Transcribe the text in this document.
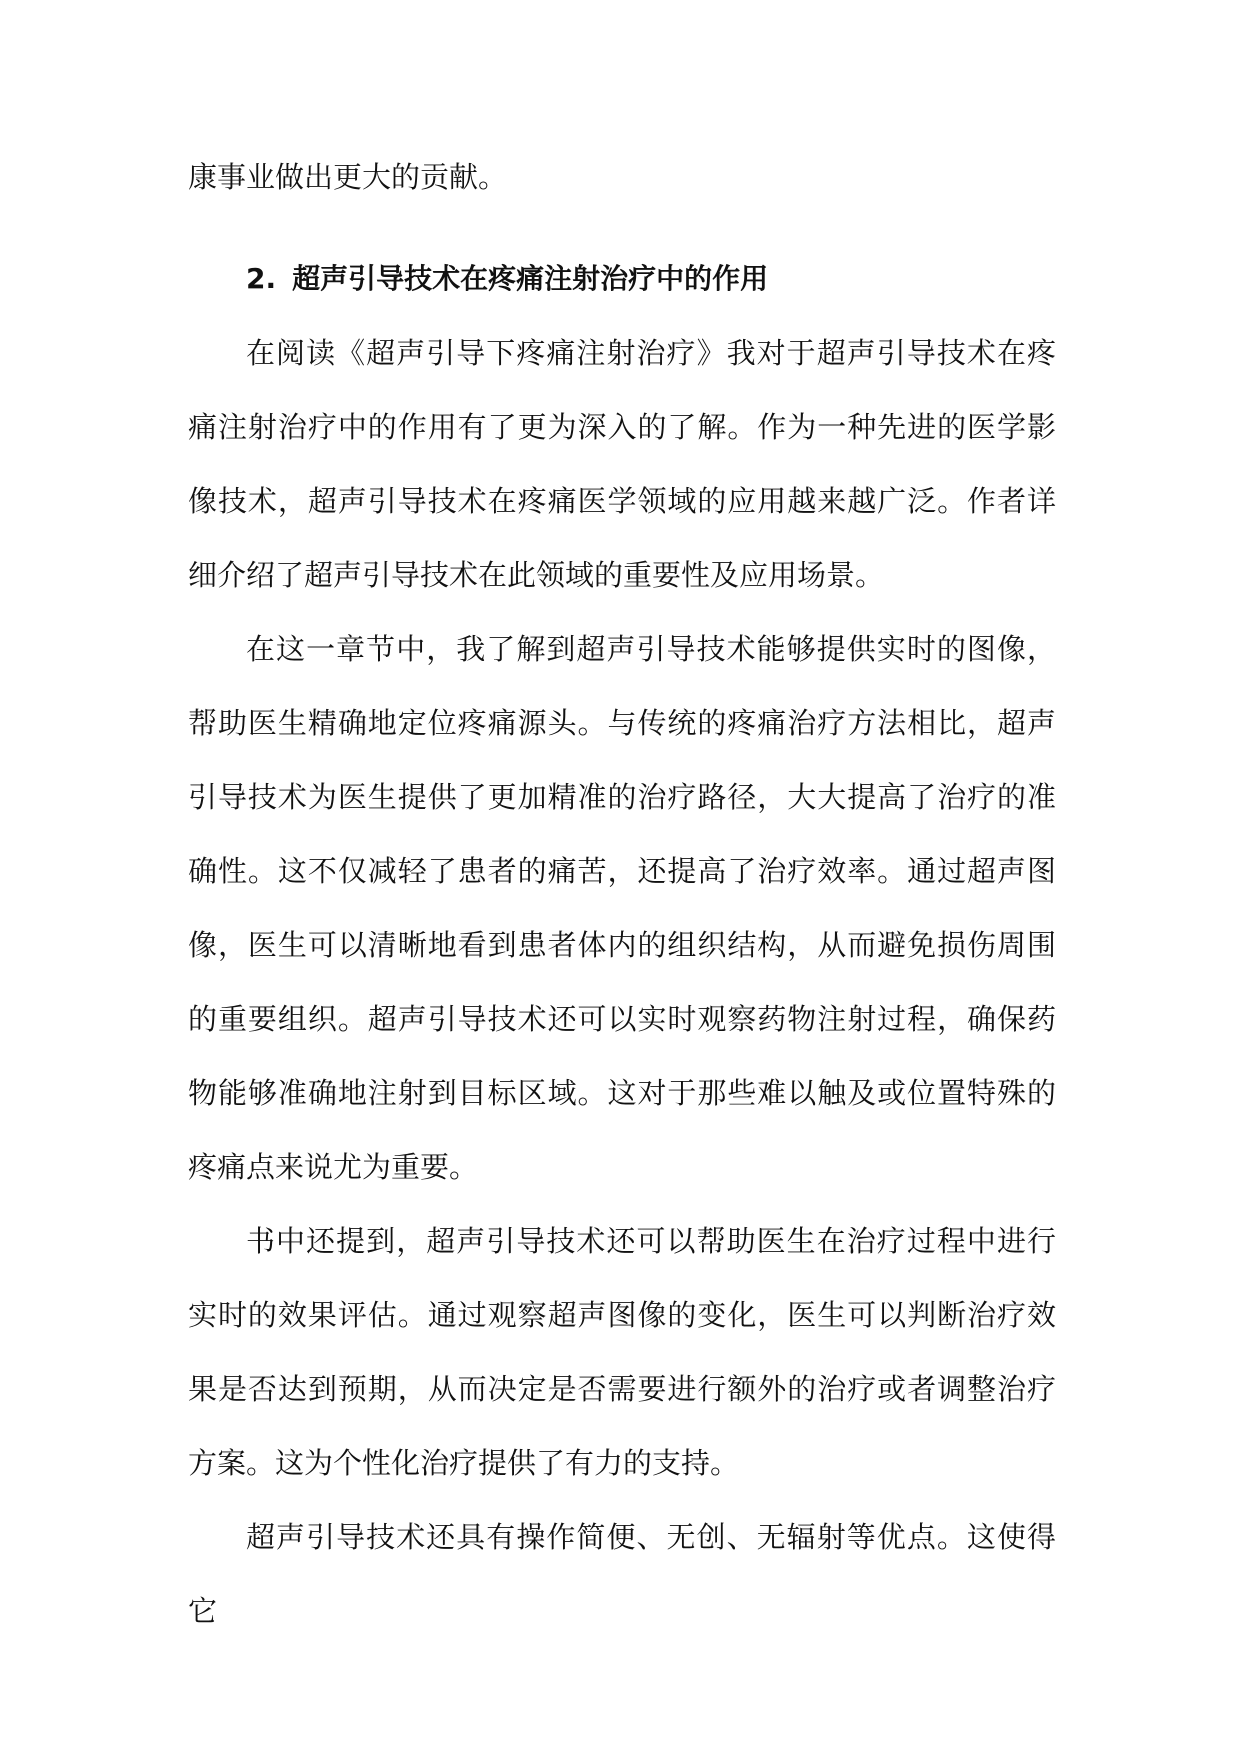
康事业做出更大的贡献。

2. 超声引导技术在疼痛注射治疗中的作用

在阅读《超声引导下疼痛注射治疗》我对于超声引导技术在疼痛注射治疗中的作用有了更为深入的了解。作为一种先进的医学影像技术，超声引导技术在疼痛医学领域的应用越来越广泛。作者详细介绍了超声引导技术在此领域的重要性及应用场景。

在这一章节中，我了解到超声引导技术能够提供实时的图像，帮助医生精确地定位疼痛源头。与传统的疼痛治疗方法相比，超声引导技术为医生提供了更加精准的治疗路径，大大提高了治疗的准确性。这不仅减轻了患者的痛苦，还提高了治疗效率。通过超声图像，医生可以清晰地看到患者体内的组织结构，从而避免损伤周围的重要组织。超声引导技术还可以实时观察药物注射过程，确保药物能够准确地注射到目标区域。这对于那些难以触及或位置特殊的疼痛点来说尤为重要。

书中还提到，超声引导技术还可以帮助医生在治疗过程中进行实时的效果评估。通过观察超声图像的变化，医生可以判断治疗效果是否达到预期，从而决定是否需要进行额外的治疗或者调整治疗方案。这为个性化治疗提供了有力的支持。

超声引导技术还具有操作简便、无创、无辐射等优点。这使得它
